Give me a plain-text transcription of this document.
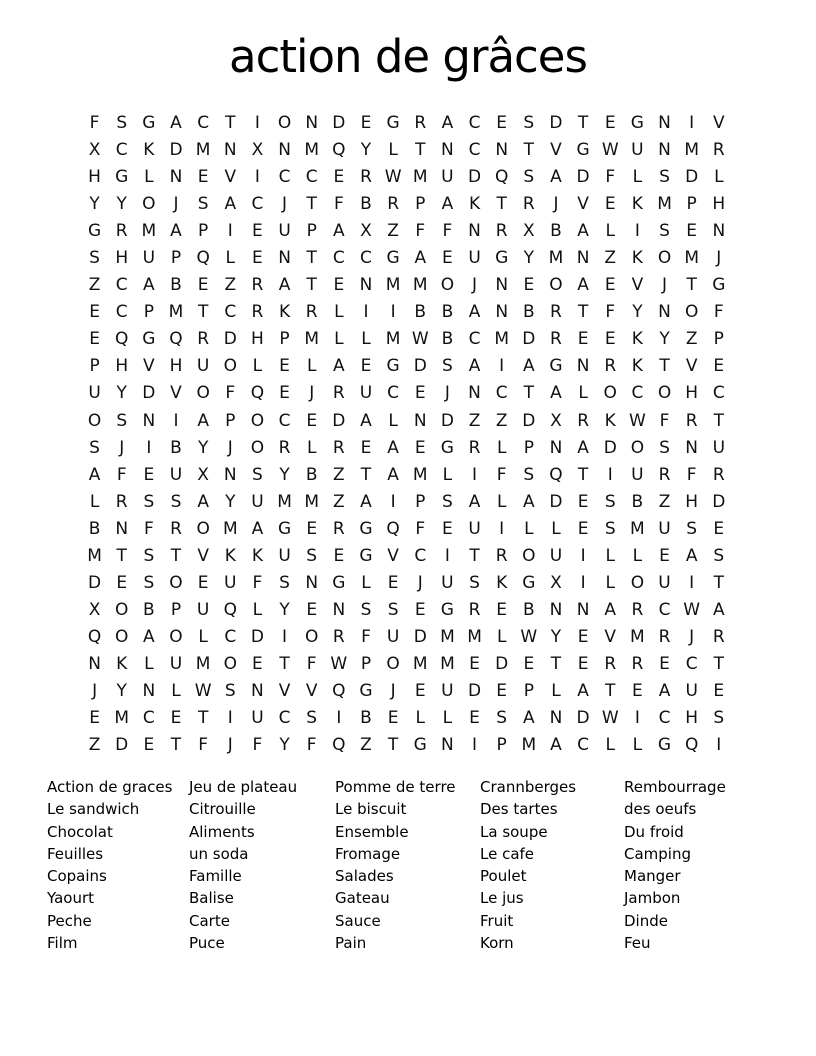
action de grâces
F S G A C T	I	O N D E G R A C E S D T E G N	I	V
X C K D M N X N M Q Y	L	T N C N T V G W U N M R
H G L N E V	I	C C E R W M U D Q S A D F	L	S D L
Y Y O	J	S A C	J	T	F B R P A K T R	J	V E K M P H
G R M A P	I	E U P A X Z F	F N R X B A L	I	S E N
S H U P Q L	E N T C C G A E U G Y M N Z K O M	J
Z C A B E Z R A T E N M M O	J	N E O A E V	J	T G
E C P M T C R K R L	I	I	B B A N B R T	F	Y N O F
E Q G Q R D H P M L	L M W B C M D R E E K Y Z P
P H V H U O L	E	L A E G D S A	I	A G N R K T V E
U Y D V O F Q E	J	R U C E	J	N C T A L O C O H C
O S N	I	A P O C E D A L N D Z Z D X R K W F R T
S	J	I	B Y	J	O R L R E A E G R L	P N A D O S N U
A F E U X N S Y B Z T A M L	I	F S Q T	I	U R F R
L R S S A Y U M M Z A	I	P S A L A D E S B Z H D
B N F R O M A G E R G Q F E U	I	L	L	E S M U S E
M T S T V K K U S E G V C	I	T R O U	I	L	L	E A S
D E S O E U F S N G L	E	J	U S K G X	I	L O U	I	T
X O B P U Q L	Y E N S S E G R E B N N A R C W A
Q O A O L C D	I	O R F U D M M L W Y E V M R	J	R
N K L U M O E T	F W P O M M E D E T E R R E C T
J	Y N L W S N V V Q G	J	E U D E P	L A T E A U E
E M C E T	I	U C S	I	B E	L	L	E S A N D W I	C H S
Z D E T	F	J	F	Y	F Q Z T G N	I	P M A C L	L G Q	I
Action de graces
Le sandwich
Chocolat
Feuilles
Copains
Yaourt
Peche
Film
Jeu de plateau
Citrouille
Aliments
un soda
Famille
Balise
Carte
Puce
Pomme de terre
Le biscuit
Ensemble
Fromage
Salades
Gateau
Sauce
Pain
Crannberges
Des tartes
La soupe
Le cafe
Poulet
Le jus
Fruit
Korn
Rembourrage
des oeufs
Du froid
Camping
Manger
Jambon
Dinde
Feu
